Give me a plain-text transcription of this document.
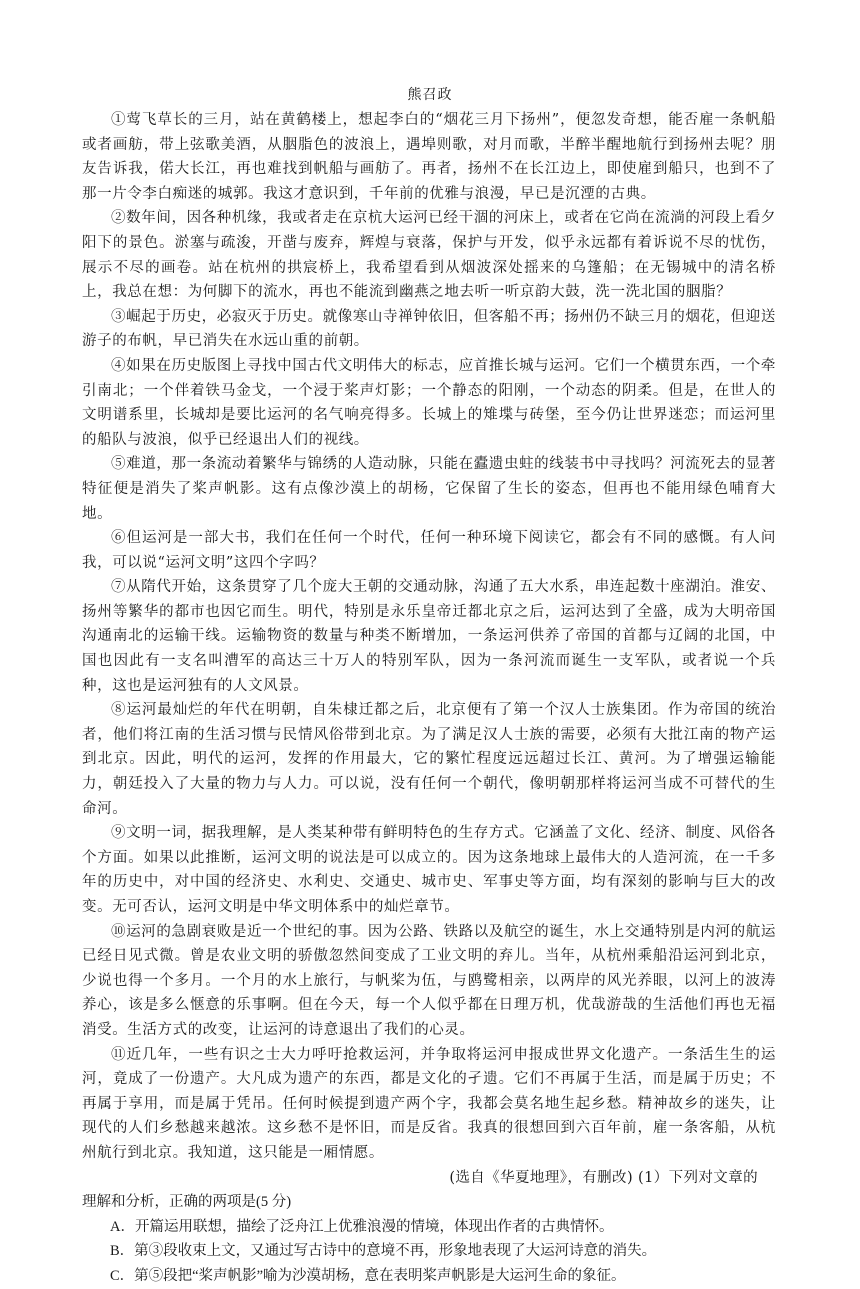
熊召政

①莺飞草长的三月，站在黄鹤楼上，想起李白的“烟花三月下扬州”，便忽发奇想，能否雇一条帆船或者画舫，带上弦歌美酒，从胭脂色的波浪上，遇埠则歌，对月而歌，半醉半醒地航行到扬州去呢？朋友告诉我，偌大长江，再也难找到帆船与画舫了。再者，扬州不在长江边上，即使雇到船只，也到不了那一片令李白痴迷的城郭。我这才意识到，千年前的优雅与浪漫，早已是沉湮的古典。

②数年间，因各种机缘，我或者走在京杭大运河已经干涸的河床上，或者在它尚在流淌的河段上看夕阳下的景色。淤塞与疏浚，开凿与废弃，辉煌与衰落，保护与开发，似乎永远都有着诉说不尽的忧伤，展示不尽的画卷。站在杭州的拱宸桥上，我希望看到从烟波深处摇来的乌篷船；在无锡城中的清名桥上，我总在想：为何脚下的流水，再也不能流到幽燕之地去听一听京韵大鼓，洗一洗北国的胭脂？

③崛起于历史，必寂灭于历史。就像寒山寺禅钟依旧，但客船不再；扬州仍不缺三月的烟花，但迎送游子的布帆，早已消失在水远山重的前朝。

④如果在历史版图上寻找中国古代文明伟大的标志，应首推长城与运河。它们一个横贯东西，一个牵引南北；一个伴着铁马金戈，一个浸于桨声灯影；一个静态的阳刚，一个动态的阴柔。但是，在世人的文明谱系里，长城却是要比运河的名气响亮得多。长城上的雉堞与砖堡，至今仍让世界迷恋；而运河里的船队与波浪，似乎已经退出人们的视线。

⑤难道，那一条流动着繁华与锦绣的人造动脉，只能在蠹遗虫蛀的线装书中寻找吗？河流死去的显著特征便是消失了桨声帆影。这有点像沙漠上的胡杨，它保留了生长的姿态，但再也不能用绿色哺育大地。

⑥但运河是一部大书，我们在任何一个时代，任何一种环境下阅读它，都会有不同的感慨。有人问我，可以说“运河文明”这四个字吗？

⑦从隋代开始，这条贯穿了几个庞大王朝的交通动脉，沟通了五大水系，串连起数十座湖泊。淮安、扬州等繁华的都市也因它而生。明代，特别是永乐皇帝迁都北京之后，运河达到了全盛，成为大明帝国沟通南北的运输干线。运输物资的数量与种类不断增加，一条运河供养了帝国的首都与辽阔的北国，中国也因此有一支名叫漕军的高达三十万人的特别军队，因为一条河流而诞生一支军队，或者说一个兵种，这也是运河独有的人文风景。

⑧运河最灿烂的年代在明朝，自朱棣迁都之后，北京便有了第一个汉人士族集团。作为帝国的统治者，他们将江南的生活习惯与民情风俗带到北京。为了满足汉人士族的需要，必须有大批江南的物产运到北京。因此，明代的运河，发挥的作用最大，它的繁忙程度远远超过长江、黄河。为了增强运输能力，朝廷投入了大量的物力与人力。可以说，没有任何一个朝代，像明朝那样将运河当成不可替代的生命河。

⑨文明一词，据我理解，是人类某种带有鲜明特色的生存方式。它涵盖了文化、经济、制度、风俗各个方面。如果以此推断，运河文明的说法是可以成立的。因为这条地球上最伟大的人造河流，在一千多年的历史中，对中国的经济史、水利史、交通史、城市史、军事史等方面，均有深刻的影响与巨大的改变。无可否认，运河文明是中华文明体系中的灿烂章节。

⑩运河的急剧衰败是近一个世纪的事。因为公路、铁路以及航空的诞生，水上交通特别是内河的航运已经日见式微。曾是农业文明的骄傲忽然间变成了工业文明的弃儿。当年，从杭州乘船沿运河到北京，少说也得一个多月。一个月的水上旅行，与帆桨为伍，与鸥鹭相亲，以两岸的风光养眼，以河上的波涛养心，该是多么惬意的乐事啊。但在今天，每一个人似乎都在日理万机，优哉游哉的生活他们再也无福消受。生活方式的改变，让运河的诗意退出了我们的心灵。

⑪近几年，一些有识之士大力呼吁抢救运河，并争取将运河申报成世界文化遗产。一条活生生的运河，竟成了一份遗产。大凡成为遗产的东西，都是文化的孑遗。它们不再属于生活，而是属于历史；不再属于享用，而是属于凭吊。任何时候提到遗产两个字，我都会莫名地生起乡愁。精神故乡的迷失，让现代的人们乡愁越来越浓。这乡愁不是怀旧，而是反省。我真的很想回到六百年前，雇一条客船，从杭州航行到北京。我知道，这只能是一厢情愿。

(选自《华夏地理》，有删改) (1）下列对文章的

理解和分析，正确的两项是(5 分)

A．开篇运用联想，描绘了泛舟江上优雅浪漫的情境，体现出作者的古典情怀。

B．第③段收束上文，又通过写古诗中的意境不再，形象地表现了大运河诗意的消失。

C．第⑤段把“桨声帆影”喻为沙漠胡杨，意在表明桨声帆影是大运河生命的象征。
